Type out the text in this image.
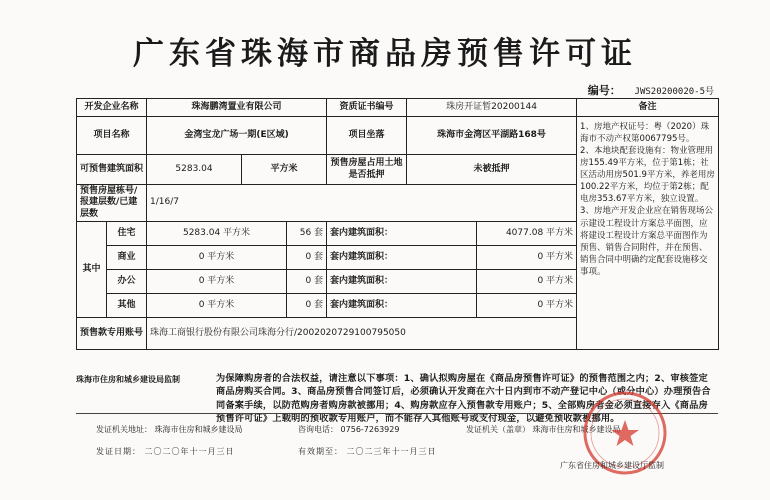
广东省珠海市商品房预售许可证
编号： JWS20200020-5号
开发企业名称		珠海鹏湾置业有限公司			资质证书编号	珠房开证暂20200144		备注
项目名称		金湾宝龙广场一期(E区域)			项目坐落	珠海市金湾区平湖路168号		1、房地产权证号：粤（2020）珠海市不动产权第0067795号。
2、本地块配套设施有：物业管理用房155.49平方米，位于第1栋；社区活动用房501.9平方米，养老用房100.22平方米，均位于第2栋；配电房353.67平方米，独立设置。
3、房地产开发企业应在销售现场公示建设工程设计方案总平面图，应将建设工程设计方案总平面图作为预售、销售合同附件，并在预售、销售合同中明确约定配套设施移交事项。

可预售建筑面积		5283.04	平方米		预售房屋占用土地是否抵押	未被抵押		
预售房屋栋号/报建层数/已建层数		1/16/7						
其中	住宅	5283.04 平方米		56 套	套内建筑面积：		4077.08 平方米	
	商业	0 平方米		0 套	套内建筑面积：		0 平方米	
	办公	0 平方米		0 套	套内建筑面积：		0 平方米	
	其他	0 平方米		0 套	套内建筑面积：		0 平方米	
预售款专用账号		珠海工商银行股份有限公司珠海分行/2002020729100795050						
珠海市住房和城乡建设局监制	为保障购房者的合法权益，请注意以下事项：1、确认拟购房屋在《商品房预售许可证》的预售范围之内；2、审核签定商品房购买合同。3、商品房预售合同签订后，必须确认开发商在六十日内到市不动产登记中心（或分中心）办理预告合同备案手续，以防范购房者购房款被挪用；4、购房款应存入预售款专用账户；5、全部购房者金必须直接存入《商品房预售许可证》上载明的预收款专用账户，而不能存入其他账号或支付现金，以避免预收款被挪用。
发证机关地址： 珠海市住房和城乡建设局	咨询电话： 0756-7263929	发证机关（盖章） 珠海市住房和城乡建设局
发证日期： 二〇二〇年十一月三日	有效期至： 二〇二三年十一月三日
广东省住房和城乡建设厅监制
